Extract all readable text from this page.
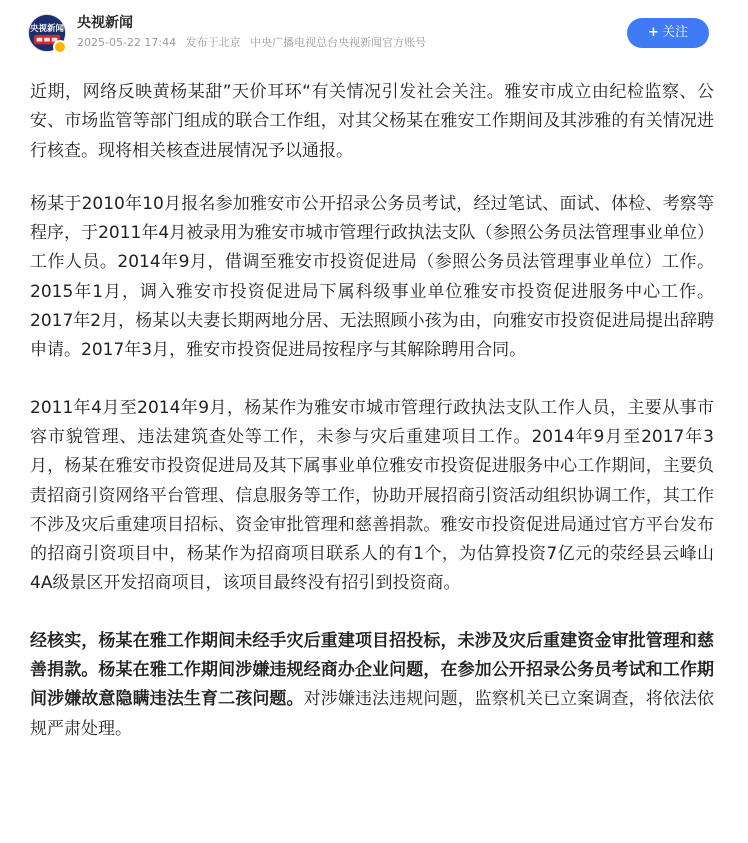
央视新闻 央视新闻
2025-05-22 17:44 发布于北京 中央广播电视总台央视新闻官方账号
+ 关注

近期，网络反映黄杨某甜”天价耳环“有关情况引发社会关注。雅安市成立由纪检监察、公安、市场监管等部门组成的联合工作组，对其父杨某在雅安工作期间及其涉雅的有关情况进行核查。现将相关核查进展情况予以通报。

杨某于2010年10月报名参加雅安市公开招录公务员考试，经过笔试、面试、体检、考察等程序，于2011年4月被录用为雅安市城市管理行政执法支队（参照公务员法管理事业单位）工作人员。2014年9月，借调至雅安市投资促进局（参照公务员法管理事业单位）工作。2015年1月，调入雅安市投资促进局下属科级事业单位雅安市投资促进服务中心工作。2017年2月，杨某以夫妻长期两地分居、无法照顾小孩为由，向雅安市投资促进局提出辞聘申请。2017年3月，雅安市投资促进局按程序与其解除聘用合同。

2011年4月至2014年9月，杨某作为雅安市城市管理行政执法支队工作人员，主要从事市容市貌管理、违法建筑查处等工作，未参与灾后重建项目工作。2014年9月至2017年3月，杨某在雅安市投资促进局及其下属事业单位雅安市投资促进服务中心工作期间，主要负责招商引资网络平台管理、信息服务等工作，协助开展招商引资活动组织协调工作，其工作不涉及灾后重建项目招标、资金审批管理和慈善捐款。雅安市投资促进局通过官方平台发布的招商引资项目中，杨某作为招商项目联系人的有1个，为估算投资7亿元的荥经县云峰山4A级景区开发招商项目，该项目最终没有招引到投资商。

经核实，杨某在雅工作期间未经手灾后重建项目招投标，未涉及灾后重建资金审批管理和慈善捐款。杨某在雅工作期间涉嫌违规经商办企业问题，在参加公开招录公务员考试和工作期间涉嫌故意隐瞒违法生育二孩问题。对涉嫌违法违规问题，监察机关已立案调查，将依法依规严肃处理。
